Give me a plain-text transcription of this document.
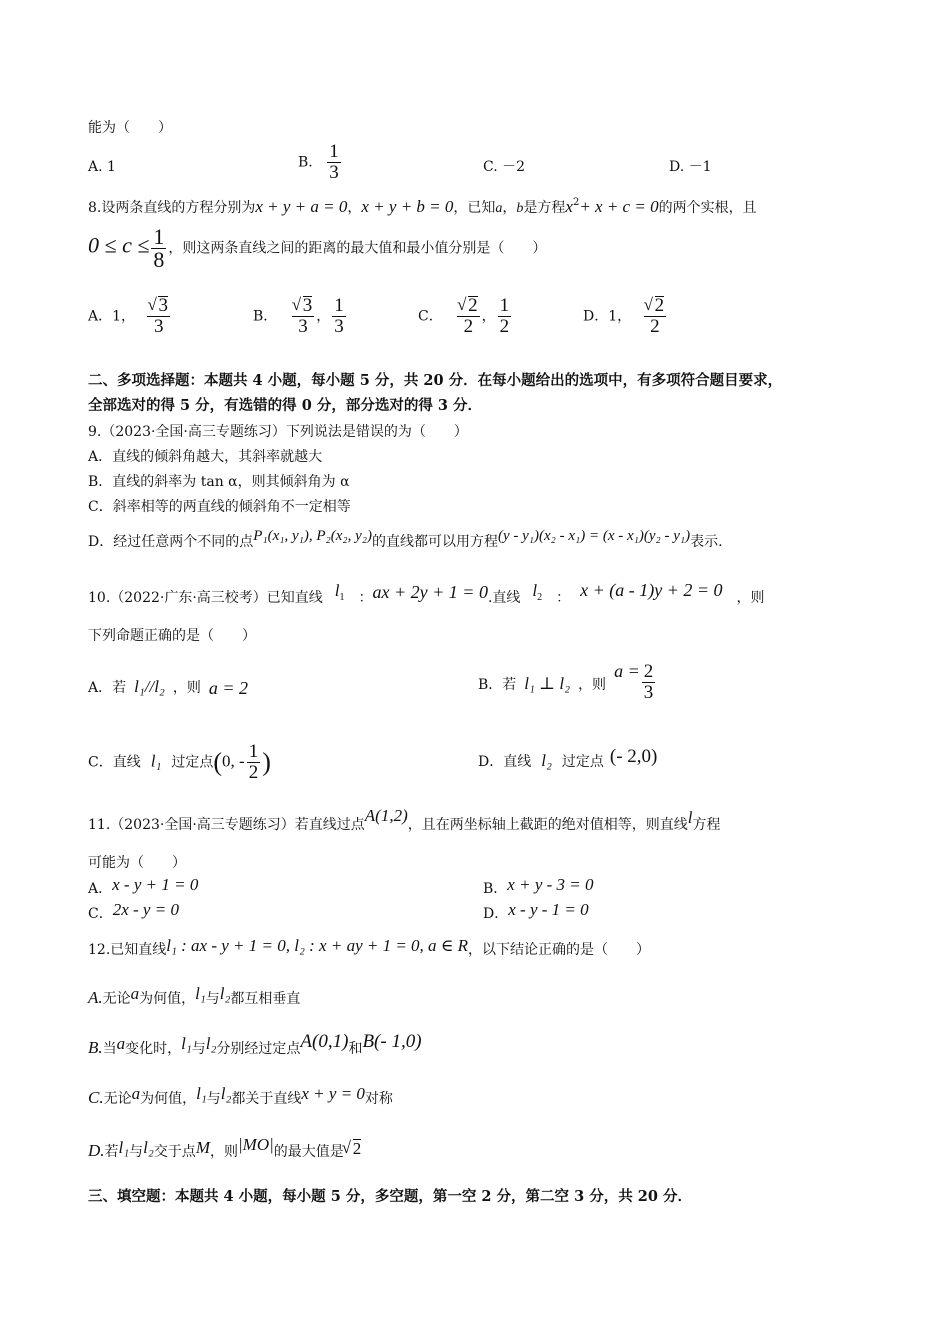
能为（　　）
A. 1	B. $\frac{1}{3}$	C. －2	D. －1
8.设两条直线的方程分别为x + y + a = 0，x + y + b = 0，已知a，b是方程$x^2+ x + c = 0$的两个实根，且
$0 \le c \le \frac{1}{8}$ ，则这两条直线之间的距离的最大值和最小值分别是（　　）
A．1， √ $\frac{3}{3}$	B． √ $\frac{3}{3}$ ， $\frac{1}{3}$	C． √ $\frac{2}{2}$ ， $\frac{1}{2}$	D．1， √ $\frac{2}{2}$
二、多项选择题：本题共 4 小题，每小题 5 分，共 20 分．在每小题给出的选项中，有多项符合题目要求，
全部选对的得 5 分，有选错的得 0 分，部分选对的得 3 分．
9.（2023·全国·高三专题练习）下列说法是错误的为（　　）
A．直线的倾斜角越大，其斜率就越大
B．直线的斜率为 tan α，则其倾斜角为 α
C．斜率相等的两直线的倾斜角不一定相等
D．经过任意两个不同的点P₁(x₁, y₁), P₂(x₂, y₂)的直线都可以用方程(y - y₁)(x₂ - x₁) = (x - x₁)(y₂ - y₁)表示.
10.（2022·广东·高三校考）已知直线 $l_1$ ：ax + 2y + 1 = 0.直线 $l_2$ ： x + (a - 1)y + 2 = 0 ，则
下列命题正确的是（　　）
A．若 l₁//l₂ ，则 a = 2	B．若 l₁ ⊥ l₂ ，则$a = \frac{2}{3}$
C．直线 l₁ 过定点(0, - $\frac{1}{2}$ )	D．直线 l₂ 过定点 (- 2,0)
11.（2023·全国·高三专题练习）若直线过点A(1,2)，且在两坐标轴上截距的绝对值相等，则直线l方程
可能为（　　）
A．x - y + 1 = 0	B．x + y - 3 = 0
C．2x - y = 0	D．x - y - 1 = 0
12.已知直线l₁ : ax - y + 1 = 0, l₂ : x + ay + 1 = 0, a ∈ R，以下结论正确的是（　　）
A.无论a为何值，l₁与l₂都互相垂直
B.当a变化时，l₁与l₂分别经过定点A(0,1)和B(- 1,0)
C.无论a为何值，l₁与l₂都关于直线x + y = 0对称
D.若l₁与l₂交于点M，则|MO|的最大值是 √ 2
三、填空题：本题共 4 小题，每小题 5 分，多空题，第一空 2 分，第二空 3 分，共 20 分．
